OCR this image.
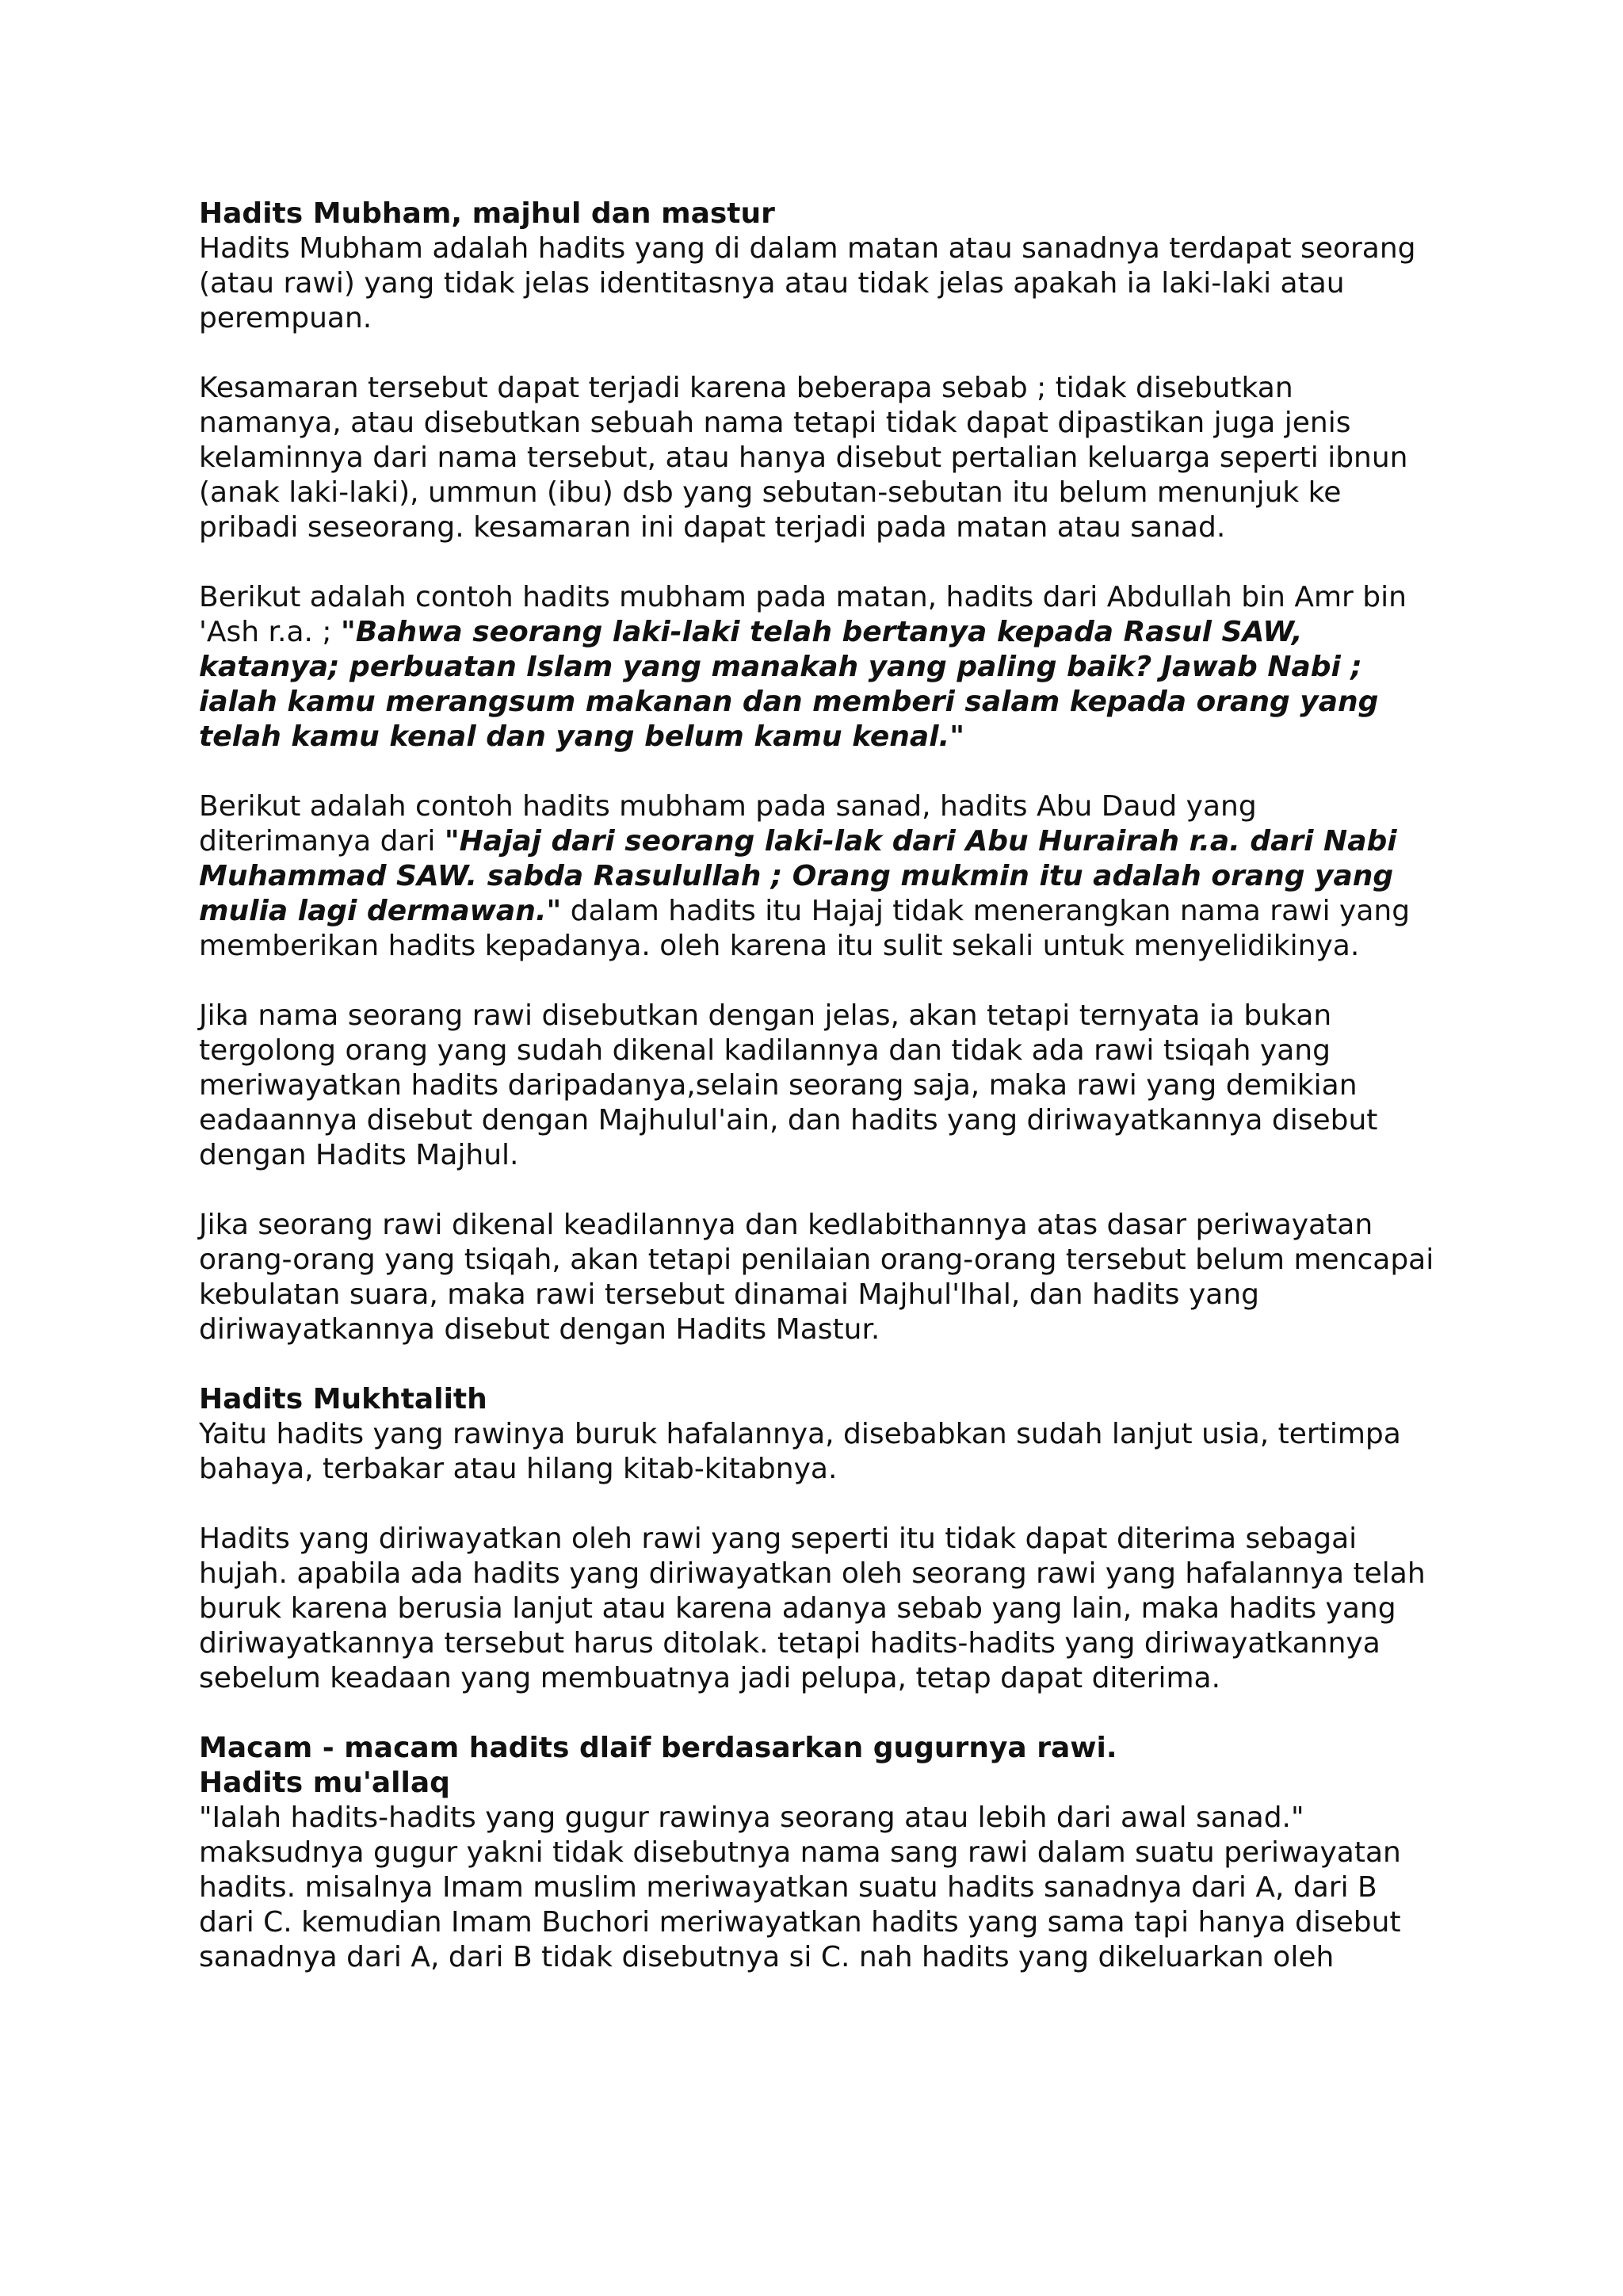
Hadits Mubham, majhul dan mastur

Hadits Mubham adalah hadits yang di dalam matan atau sanadnya terdapat seorang (atau rawi) yang tidak jelas identitasnya atau tidak jelas apakah ia laki-laki atau perempuan.

Kesamaran tersebut dapat terjadi karena beberapa sebab ; tidak disebutkan namanya, atau disebutkan sebuah nama tetapi tidak dapat dipastikan juga jenis kelaminnya dari nama tersebut, atau hanya disebut pertalian keluarga seperti ibnun (anak laki-laki), ummun (ibu) dsb yang sebutan-sebutan itu belum menunjuk ke pribadi seseorang. kesamaran ini dapat terjadi pada matan atau sanad.

Berikut adalah contoh hadits mubham pada matan, hadits dari Abdullah bin Amr bin 'Ash r.a. ; "Bahwa seorang laki-laki telah bertanya kepada Rasul SAW, katanya; perbuatan Islam yang manakah yang paling baik? Jawab Nabi ; ialah kamu merangsum makanan dan memberi salam kepada orang yang telah kamu kenal dan yang belum kamu kenal."

Berikut adalah contoh hadits mubham pada sanad, hadits Abu Daud yang diterimanya dari "Hajaj dari seorang laki-lak dari Abu Hurairah r.a. dari Nabi Muhammad SAW. sabda Rasulullah ; Orang mukmin itu adalah orang yang mulia lagi dermawan." dalam hadits itu Hajaj tidak menerangkan nama rawi yang memberikan hadits kepadanya. oleh karena itu sulit sekali untuk menyelidikinya.

Jika nama seorang rawi disebutkan dengan jelas, akan tetapi ternyata ia bukan tergolong orang yang sudah dikenal kadilannya dan tidak ada rawi tsiqah yang meriwayatkan hadits daripadanya,selain seorang saja, maka rawi yang demikian eadaannya disebut dengan Majhulul'ain, dan hadits yang diriwayatkannya disebut dengan Hadits Majhul.

Jika seorang rawi dikenal keadilannya dan kedlabithannya atas dasar periwayatan orang-orang yang tsiqah, akan tetapi penilaian orang-orang tersebut belum mencapai kebulatan suara, maka rawi tersebut dinamai Majhul'lhal, dan hadits yang diriwayatkannya disebut dengan Hadits Mastur.

Hadits Mukhtalith

Yaitu hadits yang rawinya buruk hafalannya, disebabkan sudah lanjut usia, tertimpa bahaya, terbakar atau hilang kitab-kitabnya.

Hadits yang diriwayatkan oleh rawi yang seperti itu tidak dapat diterima sebagai hujah. apabila ada hadits yang diriwayatkan oleh seorang rawi yang hafalannya telah buruk karena berusia lanjut atau karena adanya sebab yang lain, maka hadits yang diriwayatkannya tersebut harus ditolak. tetapi hadits-hadits yang diriwayatkannya sebelum keadaan yang membuatnya jadi pelupa, tetap dapat diterima.

Macam - macam hadits dlaif berdasarkan gugurnya rawi.
Hadits mu'allaq

"Ialah hadits-hadits yang gugur rawinya seorang atau lebih dari awal sanad." maksudnya gugur yakni tidak disebutnya nama sang rawi dalam suatu periwayatan hadits. misalnya Imam muslim meriwayatkan suatu hadits sanadnya dari A, dari B dari C. kemudian Imam Buchori meriwayatkan hadits yang sama tapi hanya disebut sanadnya dari A, dari B tidak disebutnya si C. nah hadits yang dikeluarkan oleh
